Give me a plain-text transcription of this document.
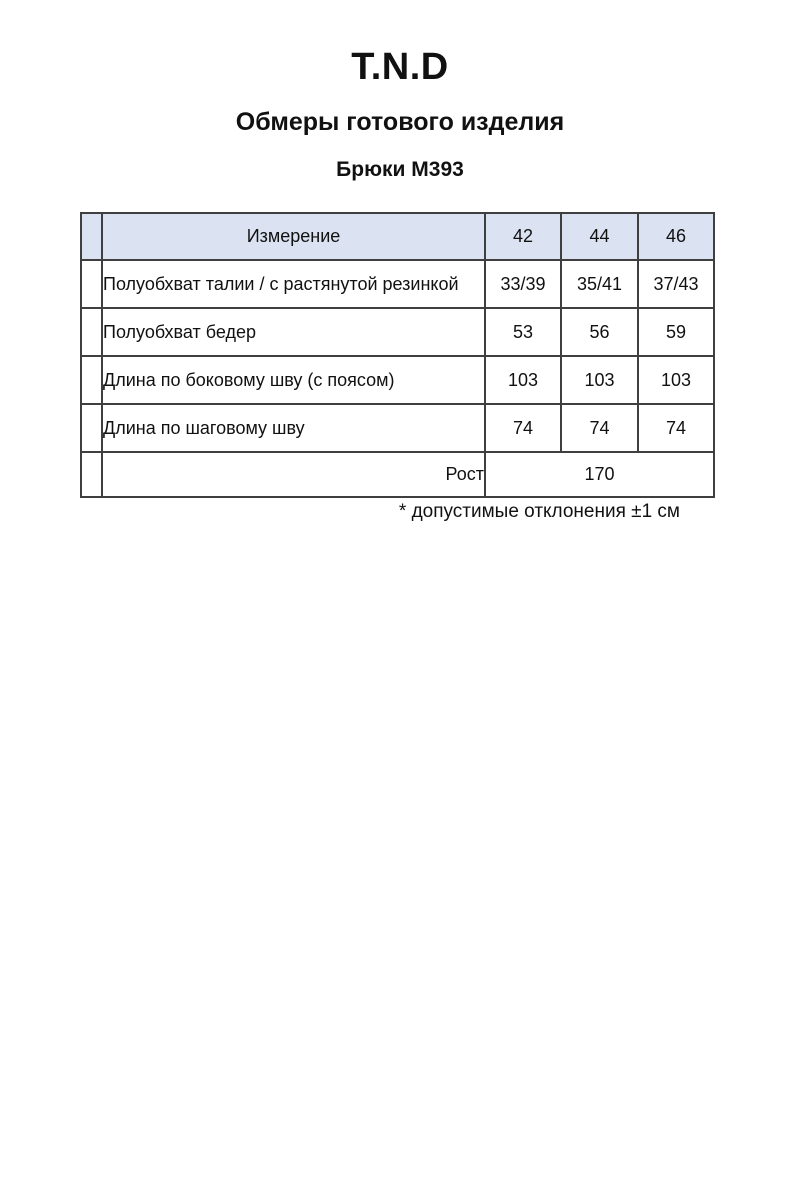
T.N.D
Обмеры готового изделия
Брюки М393
	Измерение	42	44	46
	Полуобхват талии / с растянутой резинкой	33/39	35/41	37/43
	Полуобхват бедер	53	56	59
	Длина по боковому шву (с поясом)	103	103	103
	Длина по шаговому шву	74	74	74
	Рост	170		
* допустимые отклонения ±1 см
